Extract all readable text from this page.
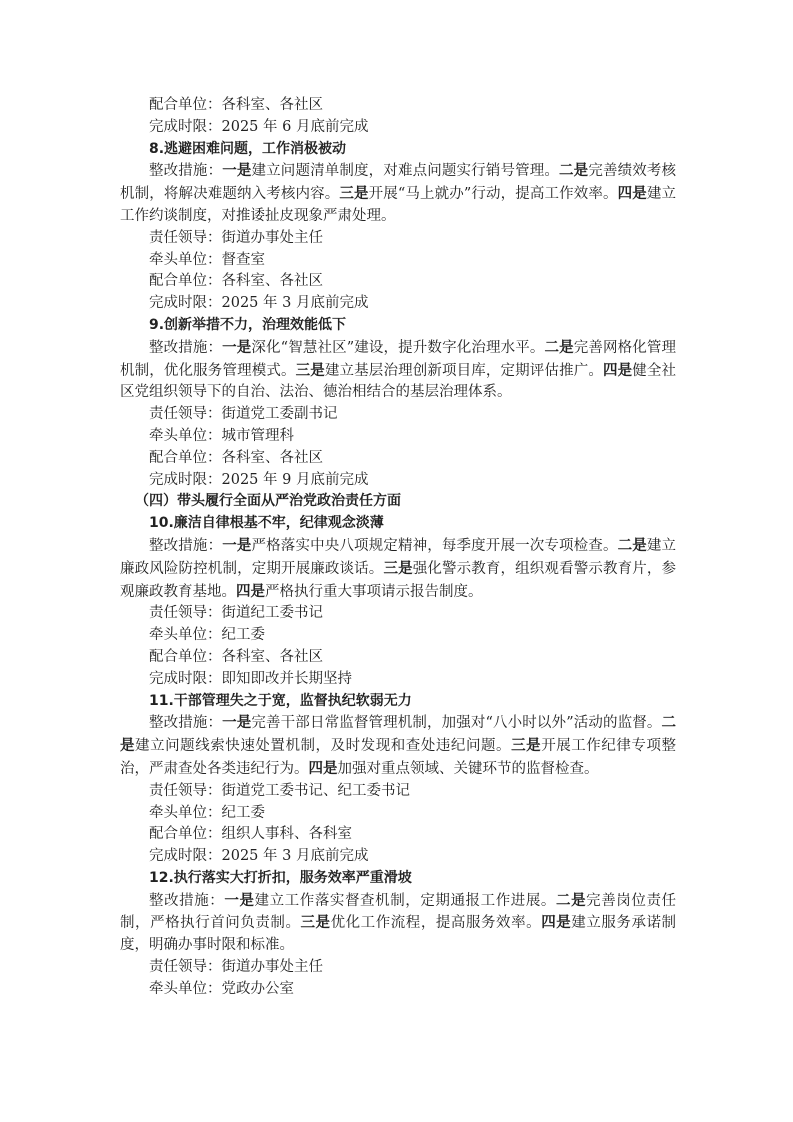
配合单位：各科室、各社区
完成时限：2025 年 6 月底前完成
8.逃避困难问题，工作消极被动
整改措施：一是建立问题清单制度，对难点问题实行销号管理。二是完善绩效考核机制，将解决难题纳入考核内容。三是开展“马上就办”行动，提高工作效率。四是建立工作约谈制度，对推诿扯皮现象严肃处理。
责任领导：街道办事处主任
牵头单位：督查室
配合单位：各科室、各社区
完成时限：2025 年 3 月底前完成
9.创新举措不力，治理效能低下
整改措施：一是深化“智慧社区”建设，提升数字化治理水平。二是完善网格化管理机制，优化服务管理模式。三是建立基层治理创新项目库，定期评估推广。四是健全社区党组织领导下的自治、法治、德治相结合的基层治理体系。
责任领导：街道党工委副书记
牵头单位：城市管理科
配合单位：各科室、各社区
完成时限：2025 年 9 月底前完成
（四）带头履行全面从严治党政治责任方面
10.廉洁自律根基不牢，纪律观念淡薄
整改措施：一是严格落实中央八项规定精神，每季度开展一次专项检查。二是建立廉政风险防控机制，定期开展廉政谈话。三是强化警示教育，组织观看警示教育片，参观廉政教育基地。四是严格执行重大事项请示报告制度。
责任领导：街道纪工委书记
牵头单位：纪工委
配合单位：各科室、各社区
完成时限：即知即改并长期坚持
11.干部管理失之于宽，监督执纪软弱无力
整改措施：一是完善干部日常监督管理机制，加强对“八小时以外”活动的监督。二是建立问题线索快速处置机制，及时发现和查处违纪问题。三是开展工作纪律专项整治，严肃查处各类违纪行为。四是加强对重点领域、关键环节的监督检查。
责任领导：街道党工委书记、纪工委书记
牵头单位：纪工委
配合单位：组织人事科、各科室
完成时限：2025 年 3 月底前完成
12.执行落实大打折扣，服务效率严重滑坡
整改措施：一是建立工作落实督查机制，定期通报工作进展。二是完善岗位责任制，严格执行首问负责制。三是优化工作流程，提高服务效率。四是建立服务承诺制度，明确办事时限和标准。
责任领导：街道办事处主任
牵头单位：党政办公室
